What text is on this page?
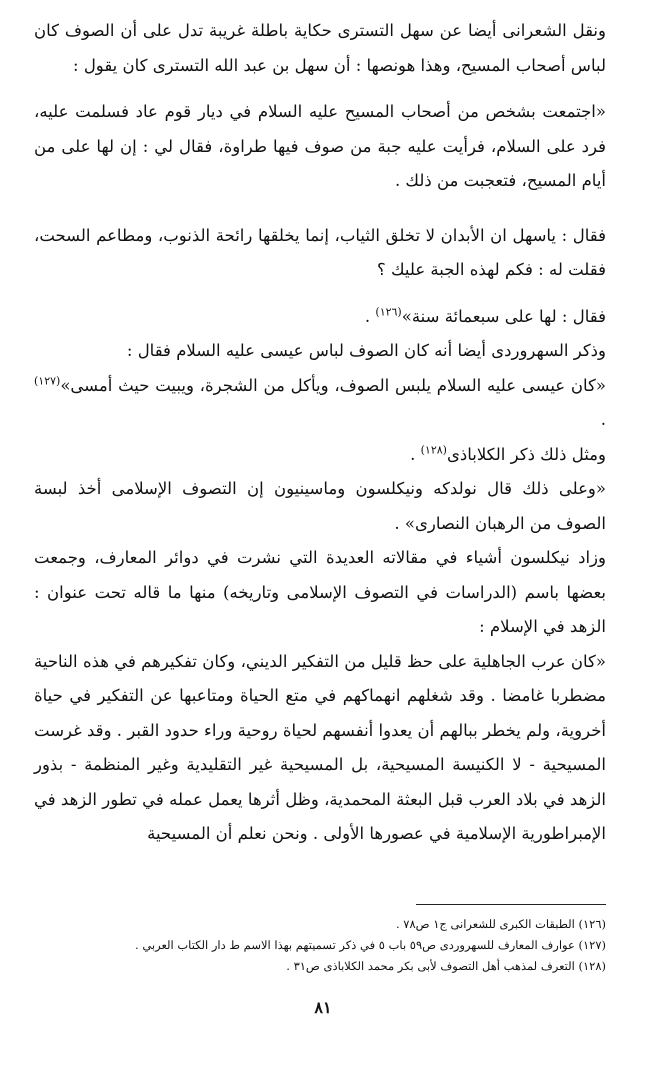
ونقل الشعرانى أيضا عن سهل التسترى حكاية باطلة غريبة تدل على أن الصوف كان لباس أصحاب المسيح، وهذا هونصها : أن سهل بن عبد الله التسترى كان يقول :

«اجتمعت بشخص من أصحاب المسيح عليه السلام في ديار قوم عاد فسلمت عليه، فرد على السلام، فرأيت عليه جبة من صوف فيها طراوة، فقال لي : إن لها على من أيام المسيح، فتعجبت من ذلك .

فقال : ياسهل ان الأبدان لا تخلق الثياب، إنما يخلقها رائحة الذنوب، ومطاعم السحت، فقلت له : فكم لهذه الجبة عليك ؟

فقال : لها على سبعمائة سنة»$^{(١٢٦)}$ .

وذكر السهروردى أيضا أنه كان الصوف لباس عيسى عليه السلام فقال :

«كان عيسى عليه السلام يلبس الصوف، ويأكل من الشجرة، ويبيت حيث أمسى»$^{(١٢٧)}$ .

ومثل ذلك ذكر الكلاباذى$^{(١٢٨)}$ .

«وعلى ذلك قال نولدكه ونيكلسون وماسينيون إن التصوف الإسلامى أخذ لبسة الصوف من الرهبان النصارى» .

وزاد نيكلسون أشياء في مقالاته العديدة التي نشرت في دوائر المعارف، وجمعت بعضها باسم (الدراسات في التصوف الإسلامى وتاريخه) منها ما قاله تحت عنوان : الزهد في الإسلام :

«كان عرب الجاهلية على حظ قليل من التفكير الديني، وكان تفكيرهم في هذه الناحية مضطربا غامضا . وقد شغلهم انهماكهم في متع الحياة ومتاعبها عن التفكير في حياة أخروية، ولم يخطر ببالهم أن يعدوا أنفسهم لحياة روحية وراء حدود القبر . وقد غرست المسيحية - لا الكنيسة المسيحية، بل المسيحية غير التقليدية وغير المنظمة - بذور الزهد في بلاد العرب قبل البعثة المحمدية، وظل أثرها يعمل عمله في تطور الزهد في الإمبراطورية الإسلامية في عصورها الأولى . ونحن نعلم أن المسيحية

(١٢٦) الطبقات الكبرى للشعرانى ج١ ص٧٨ .

(١٢٧) عوارف المعارف للسهروردى ص٥٩ باب ٥ في ذكر تسميتهم بهذا الاسم ط دار الكتاب العربي .

(١٢٨) التعرف لمذهب أهل التصوف لأبى بكر محمد الكلاباذى ص٣١ .

٨١
